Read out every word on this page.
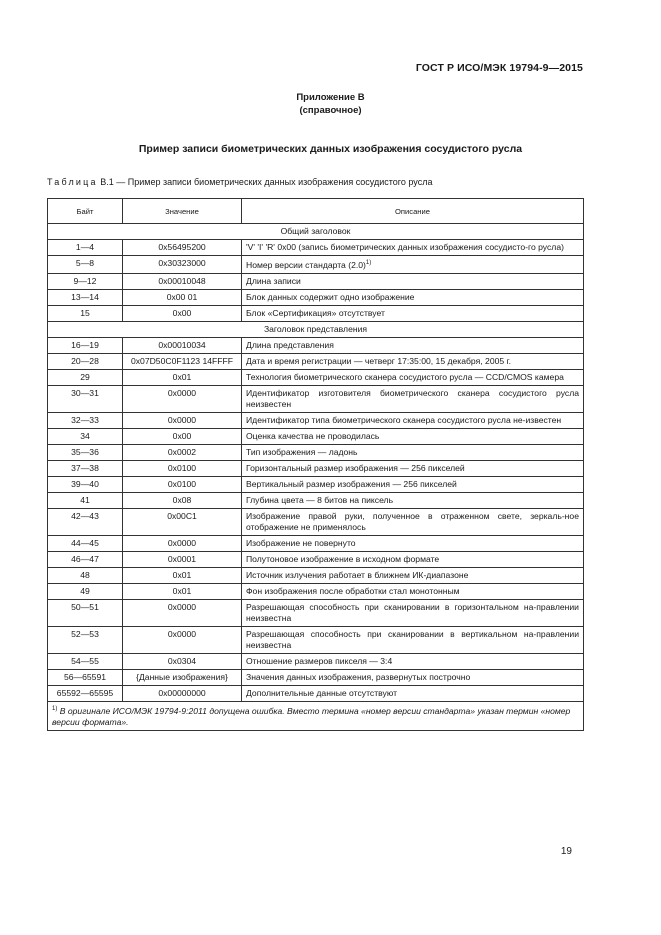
ГОСТ Р ИСО/МЭК 19794-9—2015
Приложение В
(справочное)
Пример записи биометрических данных изображения сосудистого русла
Таблица В.1 — Пример записи биометрических данных изображения сосудистого русла
Байт	Значение	Описание
Общий заголовок		
1—4	0x56495200	'V' 'I' 'R' 0x00 (запись биометрических данных изображения сосудисто-го русла)
5—8	0x30323000	Номер версии стандарта $(2.0)^{1)}$
9—12	0x00010048	Длина записи
13—14	0x00 01	Блок данных содержит одно изображение
15	0x00	Блок «Сертификация» отсутствует
Заголовок представления		
16—19	0x00010034	Длина представления
20—28	0x07D50C0F1123 14FFFF	Дата и время регистрации — четверг 17:35:00, 15 декабря, 2005 г.
29	0x01	Технология биометрического сканера сосудистого русла — CCD/CMOS камера
30—31	0x0000	Идентификатор изготовителя биометрического сканера сосудистого русла неизвестен
32—33	0x0000	Идентификатор типа биометрического сканера сосудистого русла не-известен
34	0x00	Оценка качества не проводилась
35—36	0x0002	Тип изображения — ладонь
37—38	0x0100	Горизонтальный размер изображения — 256 пикселей
39—40	0x0100	Вертикальный размер изображения — 256 пикселей
41	0x08	Глубина цвета — 8 битов на пиксель
42—43	0x00C1	Изображение правой руки, полученное в отраженном свете, зеркаль-ное отображение не применялось
44—45	0x0000	Изображение не повернуто
46—47	0x0001	Полутоновое изображение в исходном формате
48	0x01	Источник излучения работает в ближнем ИК-диапазоне
49	0x01	Фон изображения после обработки стал монотонным
50—51	0x0000	Разрешающая способность при сканировании в горизонтальном на-правлении неизвестна
52—53	0x0000	Разрешающая способность при сканировании в вертикальном на-правлении неизвестна
54—55	0x0304	Отношение размеров пикселя — 3:4
56—65591	{Данные изображения}	Значения данных изображения, развернутых построчно
65592—65595	0x00000000	Дополнительные данные отсутствуют
$^{1)}$ В оригинале ИСО/МЭК 19794-9:2011 допущена ошибка. Вместо термина «номер версии стандарта» указан термин «номер версии формата».		
19
